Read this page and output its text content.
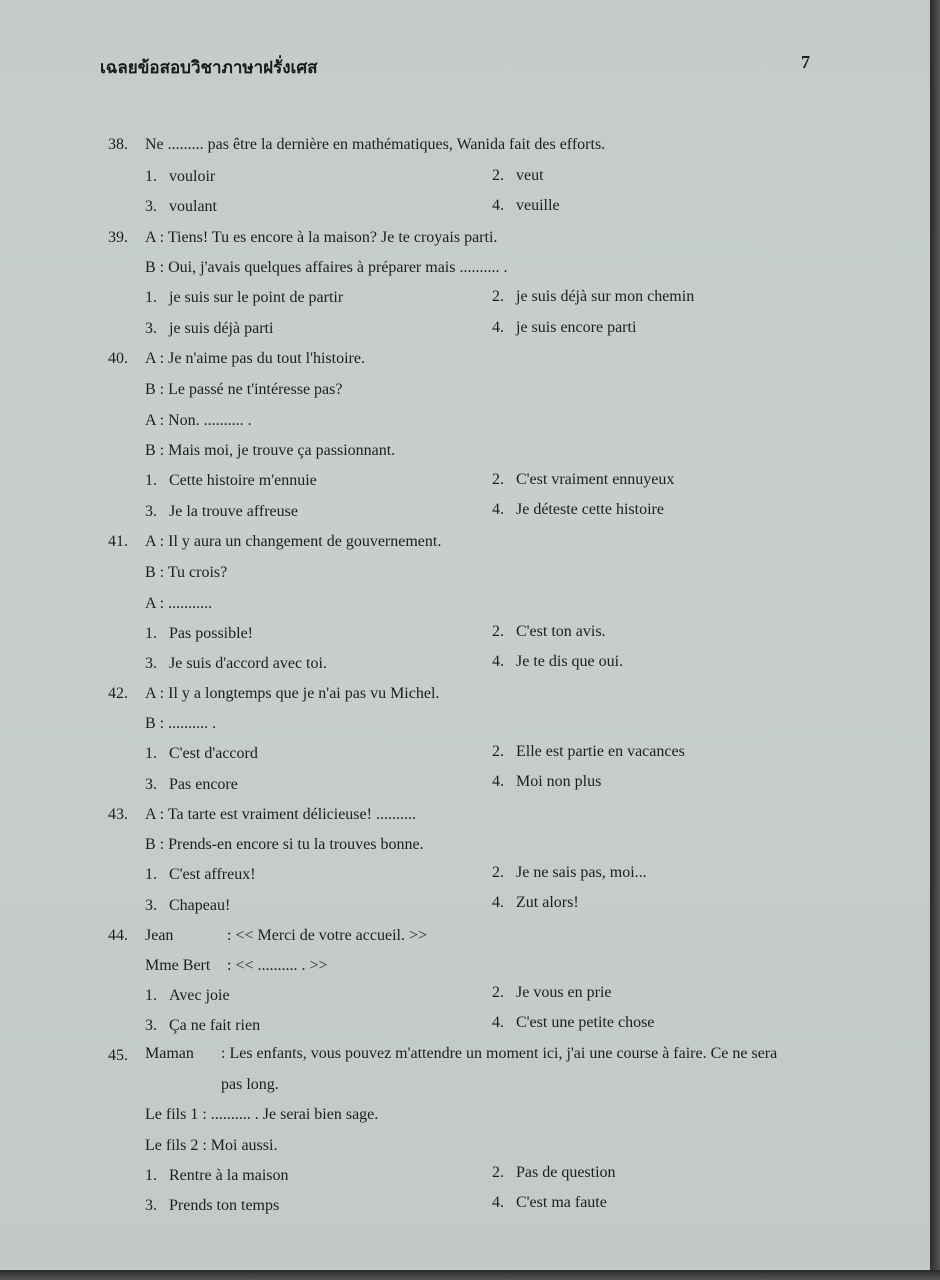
เฉลยข้อสอบวิชาภาษาฝรั่งเศส	7
38. Ne ......... pas être la dernière en mathématiques, Wanida fait des efforts.
1. vouloir	2. veut
3. voulant	4. veuille
39. A : Tiens! Tu es encore à la maison? Je te croyais parti.
B : Oui, j'avais quelques affaires à préparer mais .......... .
1. je suis sur le point de partir	2. je suis déjà sur mon chemin
3. je suis déjà parti	4. je suis encore parti
40. A : Je n'aime pas du tout l'histoire.
B : Le passé ne t'intéresse pas?
A : Non. .......... .
B : Mais moi, je trouve ça passionnant.
1. Cette histoire m'ennuie	2. C'est vraiment ennuyeux
3. Je la trouve affreuse	4. Je déteste cette histoire
41. A : Il y aura un changement de gouvernement.
B : Tu crois?
A : ...........
1. Pas possible!	2. C'est ton avis.
3. Je suis d'accord avec toi.	4. Je te dis que oui.
42. A : Il y a longtemps que je n'ai pas vu Michel.
B : .......... .
1. C'est d'accord	2. Elle est partie en vacances
3. Pas encore	4. Moi non plus
43. A : Ta tarte est vraiment délicieuse! ..........
B : Prends-en encore si tu la trouves bonne.
1. C'est affreux!	2. Je ne sais pas, moi...
3. Chapeau!	4. Zut alors!
44. Jean	: << Merci de votre accueil. >>
Mme Bert : << .......... . >>
1. Avec joie	2. Je vous en prie
3. Ça ne fait rien	4. C'est une petite chose
45. Maman : Les enfants, vous pouvez m'attendre un moment ici, j'ai une course à faire. Ce ne sera
pas long.
Le fils 1 : .......... . Je serai bien sage.
Le fils 2 : Moi aussi.
1. Rentre à la maison	2. Pas de question
3. Prends ton temps	4. C'est ma faute
